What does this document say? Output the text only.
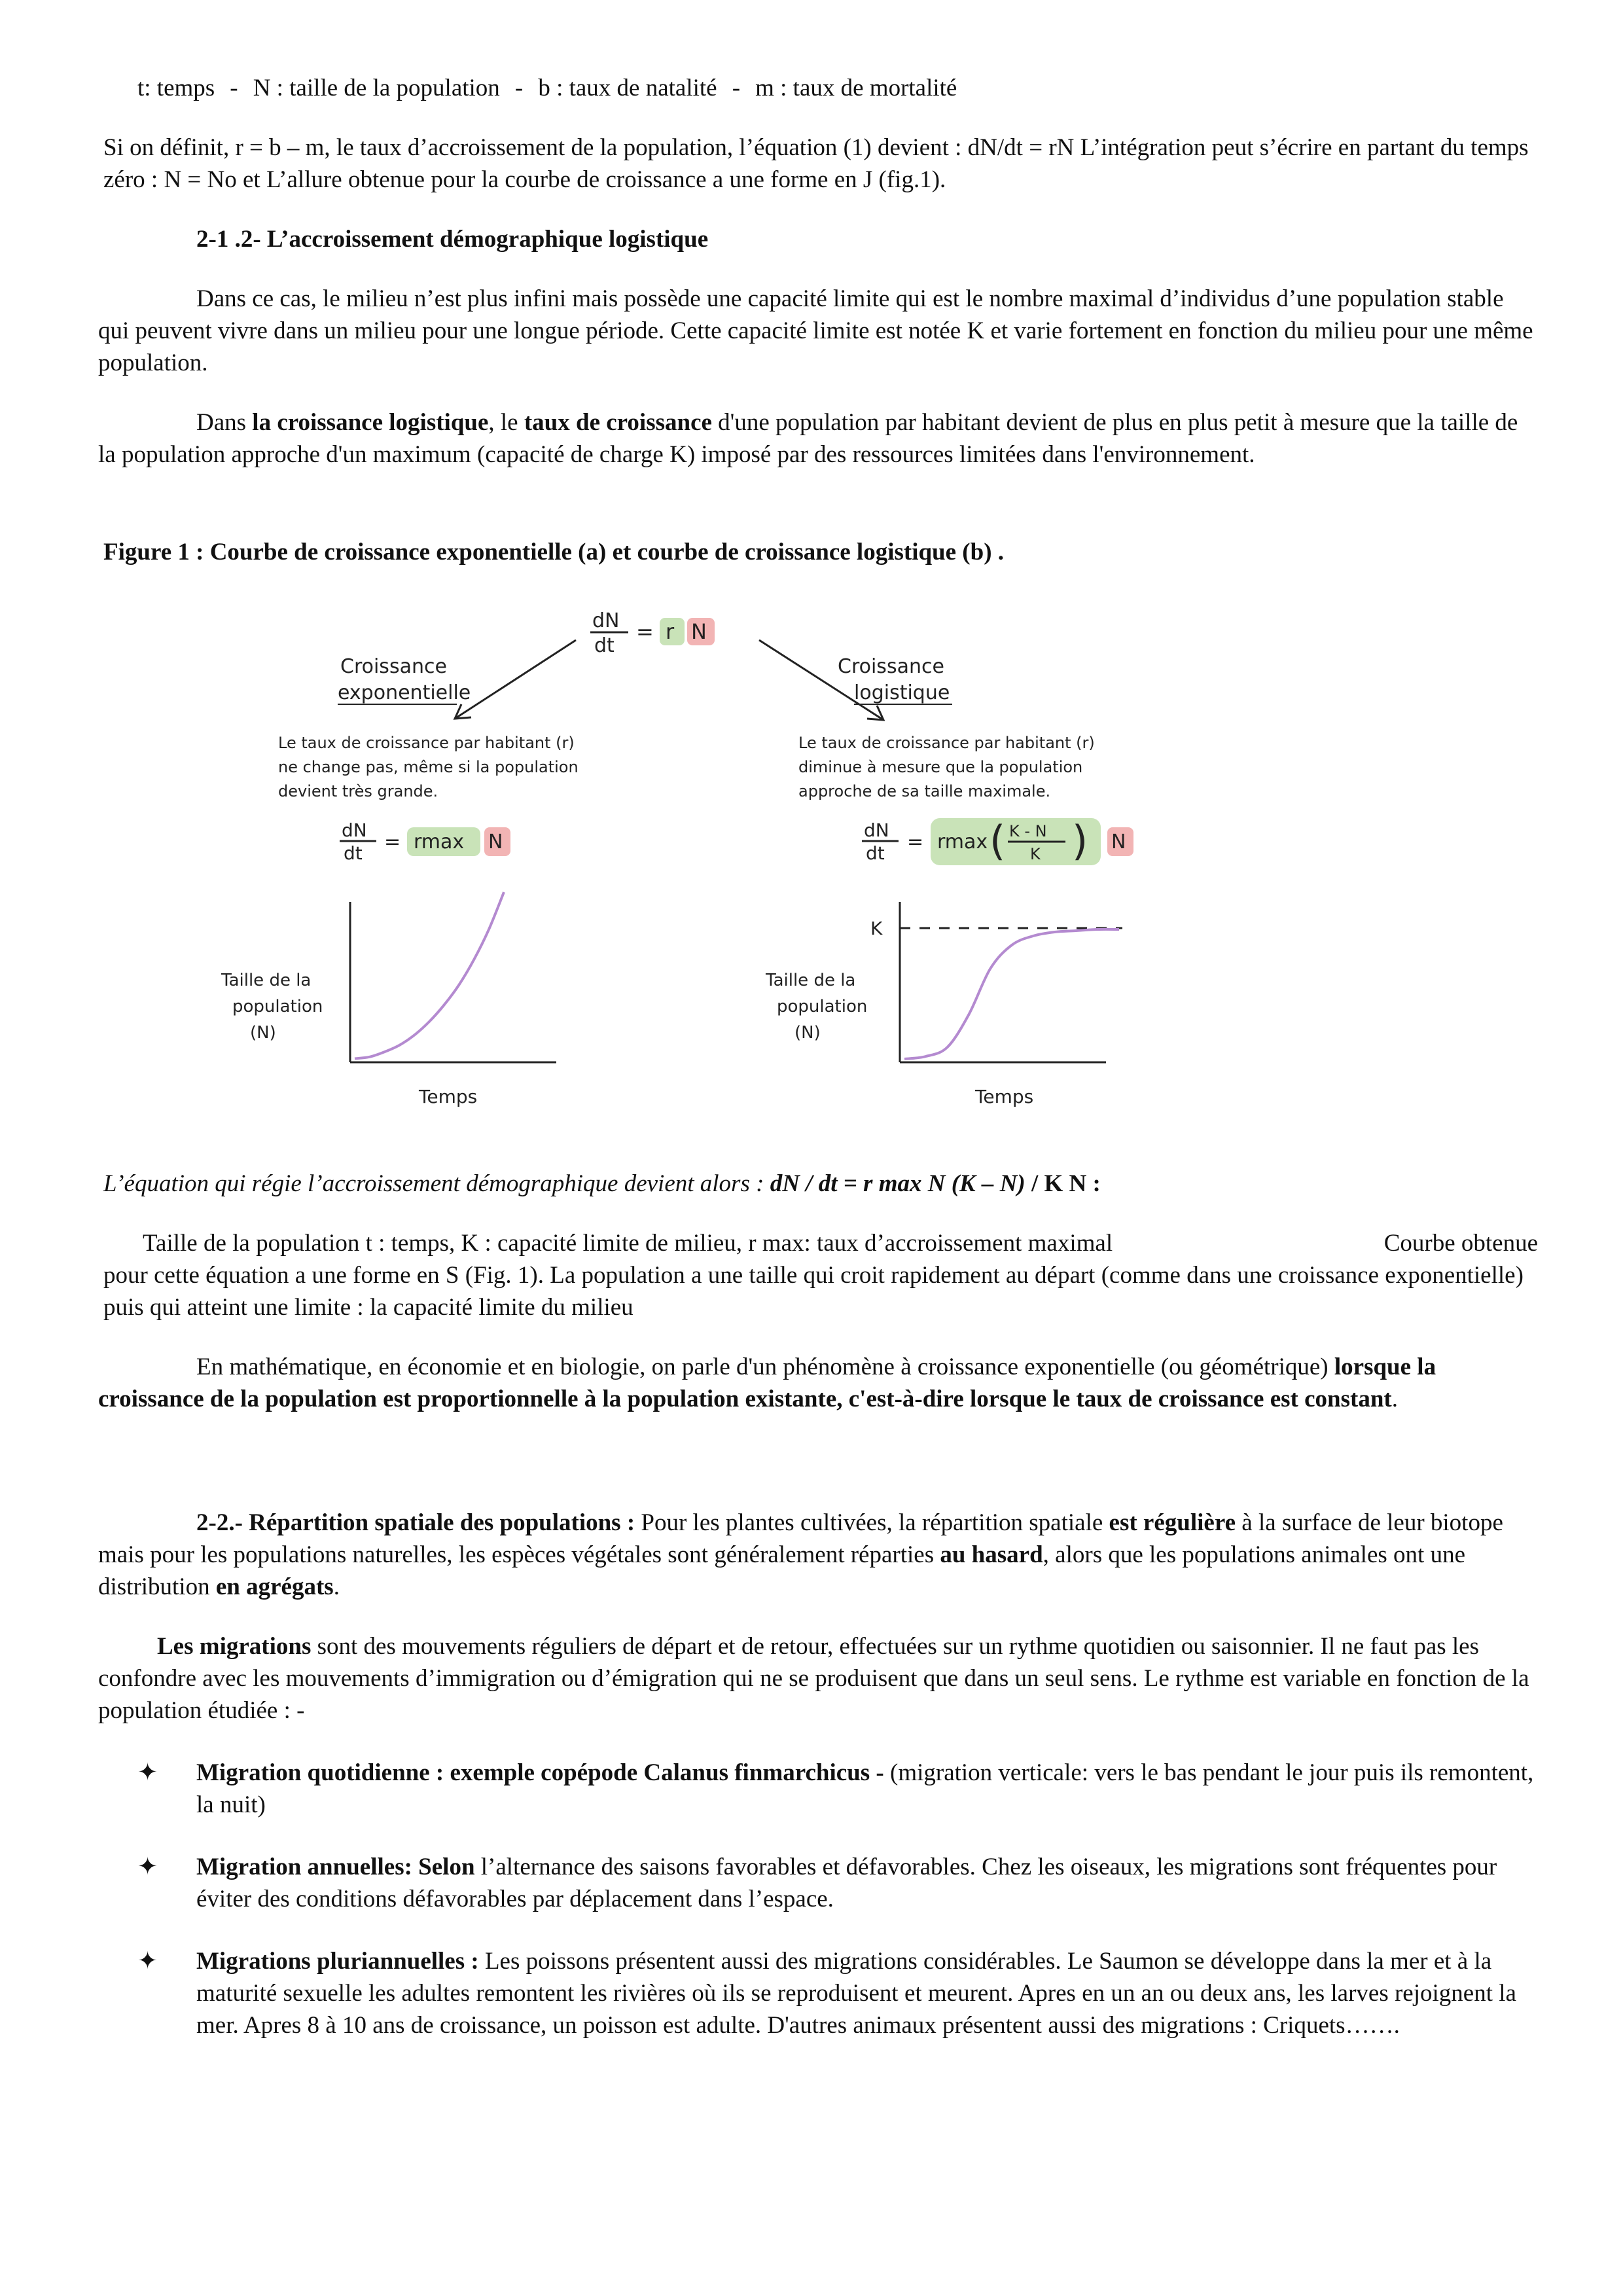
t: temps - N : taille de la population - b : taux de natalité - m : taux de mortalité

Si on définit, r = b – m, le taux d’accroissement de la population, l’équation (1) devient : dN/dt = rN L’intégration peut s’écrire en partant du temps zéro : N = No et L’allure obtenue pour la courbe de croissance a une forme en J (fig.1).

2-1 .2- L’accroissement démographique logistique

Dans ce cas, le milieu n’est plus infini mais possède une capacité limite qui est le nombre maximal d’individus d’une population stable qui peuvent vivre dans un milieu pour une longue période. Cette capacité limite est notée K et varie fortement en fonction du milieu pour une même population.

Dans la croissance logistique, le taux de croissance d'une population par habitant devient de plus en plus petit à mesure que la taille de la population approche d'un maximum (capacité de charge K) imposé par des ressources limitées dans l'environnement.

Figure 1 : Courbe de croissance exponentielle (a) et courbe de croissance logistique (b) .

dN
dt
= r N
Croissance
exponentielle
Croissance
logistique
Le taux de croissance par habitant (r)
ne change pas, même si la population
devient très grande.
Le taux de croissance par habitant (r)
diminue à mesure que la population
approche de sa taille maximale.
dN
dt = rmax N
dN
dt = rmax ( K - N
K ) N
Taille de la
population
(N)
Temps
K
Taille de la
population
(N)
Temps

L’équation qui régie l’accroissement démographique devient alors : dN / dt = r max N (K – N) / K N :

Taille de la population t : temps, K : capacité limite de milieu, r max: taux d’accroissement maximal	Courbe obtenue

pour cette équation a une forme en S (Fig. 1). La population a une taille qui croit rapidement au départ (comme dans une croissance exponentielle) puis qui atteint une limite : la capacité limite du milieu

En mathématique, en économie et en biologie, on parle d'un phénomène à croissance exponentielle (ou géométrique) lorsque la croissance de la population est proportionnelle à la population existante, c'est-à-dire lorsque le taux de croissance est constant.

2-2.- Répartition spatiale des populations : Pour les plantes cultivées, la répartition spatiale est régulière à la surface de leur biotope mais pour les populations naturelles, les espèces végétales sont généralement réparties au hasard, alors que les populations animales ont une distribution en agrégats.

Les migrations sont des mouvements réguliers de départ et de retour, effectuées sur un rythme quotidien ou saisonnier. Il ne faut pas les confondre avec les mouvements d’immigration ou d’émigration qui ne se produisent que dans un seul sens. Le rythme est variable en fonction de la population étudiée : -

✦	Migration quotidienne : exemple copépode Calanus finmarchicus - (migration verticale: vers le bas pendant le jour puis ils remontent, la nuit)
✦	Migration annuelles: Selon l’alternance des saisons favorables et défavorables. Chez les oiseaux, les migrations sont fréquentes pour éviter des conditions défavorables par déplacement dans l’espace.
✦	Migrations pluriannuelles : Les poissons présentent aussi des migrations considérables. Le Saumon se développe dans la mer et à la maturité sexuelle les adultes remontent les rivières où ils se reproduisent et meurent. Apres en un an ou deux ans, les larves rejoignent la mer. Apres 8 à 10 ans de croissance, un poisson est adulte. D'autres animaux présentent aussi des migrations : Criquets…….
